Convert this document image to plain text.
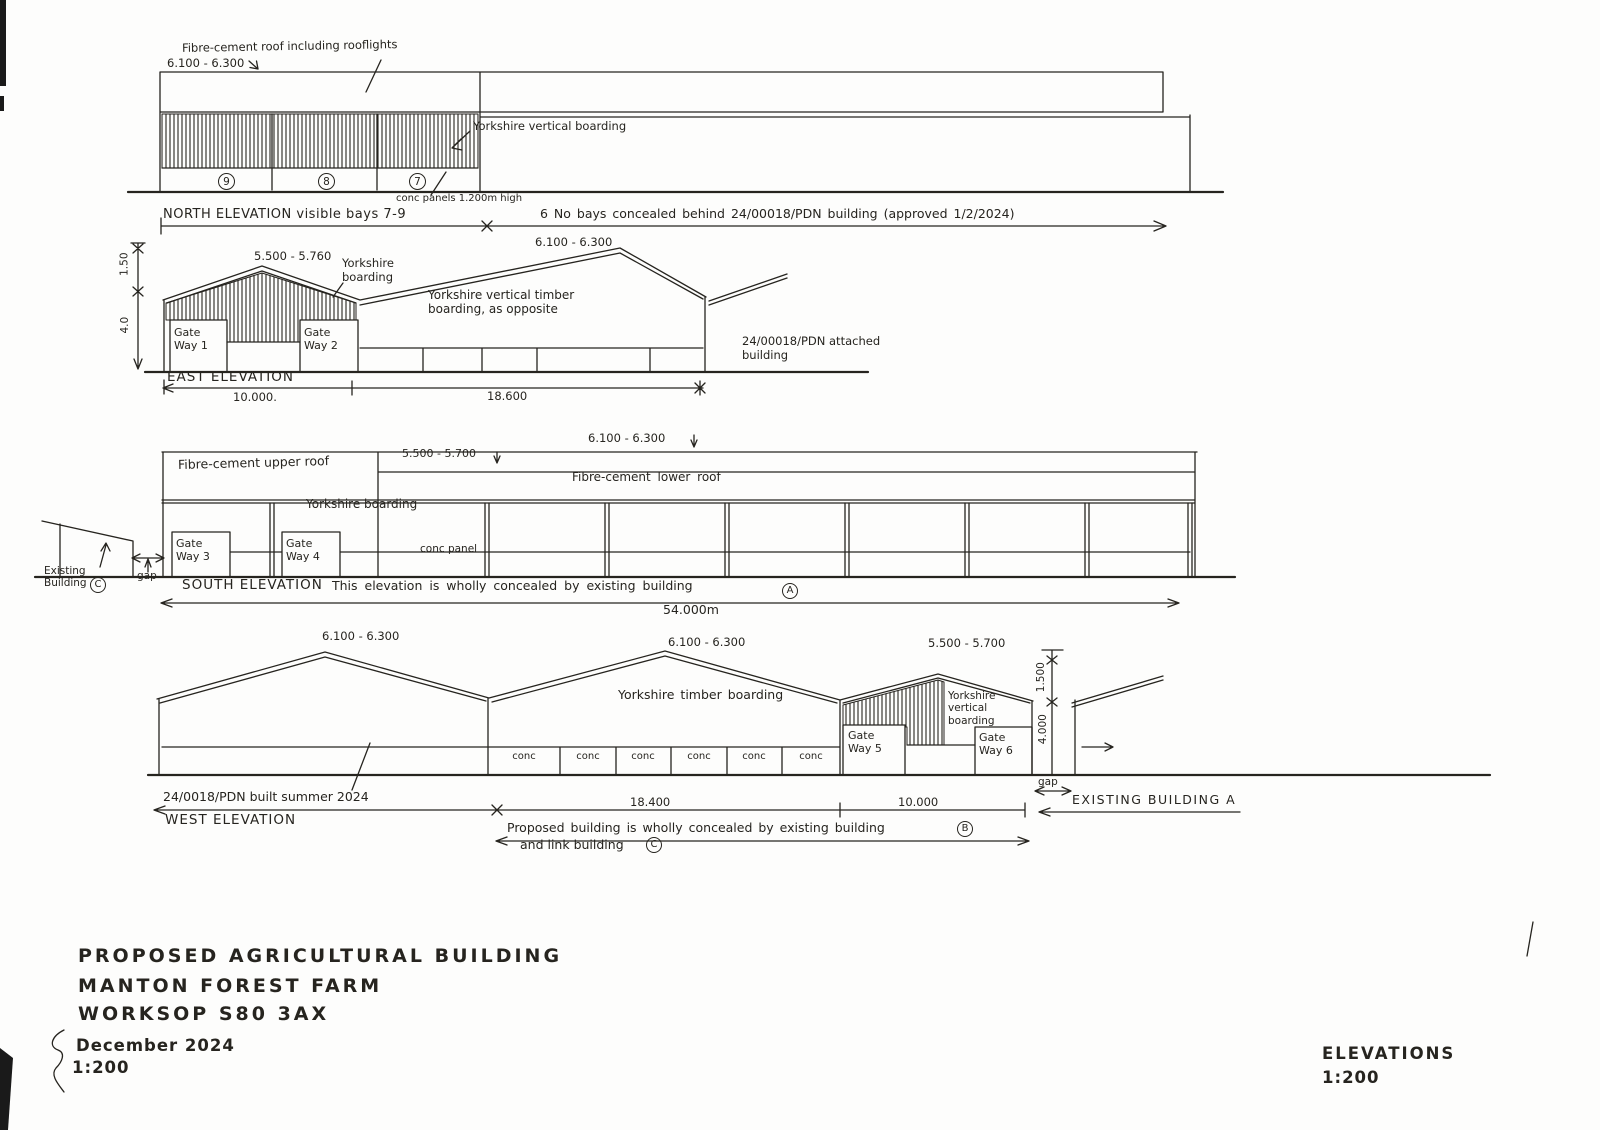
Fibre-cement roof including rooflights
6.100 - 6.300
Yorkshire vertical boarding
conc panels 1.200m high
NORTH ELEVATION visible bays 7-9	6 No bays concealed behind 24/00018/PDN building (approved 1/2/2024)
9	8	7
5.500 - 5.760 Yorkshire boarding
6.100 - 6.300
Yorkshire vertical timber boarding, as opposite
Gate Way 1
Gate Way 2	24/00018/PDN attached building
EAST ELEVATION
10.000.	18.600
1.50
4.0
6.100 - 6.300
Fibre-cement upper roof	5.500 - 5.700
Fibre-cement lower roof
Yorkshire boarding
conc panel
Gate Way 3
Gate Way 4
Existing Building C
gap
SOUTH ELEVATION This elevation is wholly concealed by existing building	A
54.000m
6.100 - 6.300	6.100 - 6.300	5.500 - 5.700
Yorkshire timber boarding	Yorkshire vertical boarding
conc	conc	conc	conc	conc	conc
Gate Way 5
Gate Way 6
1.500
4.000
gap
24/0018/PDN built summer 2024
WEST ELEVATION
18.400	10.000	EXISTING BUILDING A
Proposed building is wholly concealed by existing building	B
and link building	C
PROPOSED AGRICULTURAL BUILDING
MANTON FOREST FARM
WORKSOP S80 3AX
December 2024
1:200
ELEVATIONS
1:200
